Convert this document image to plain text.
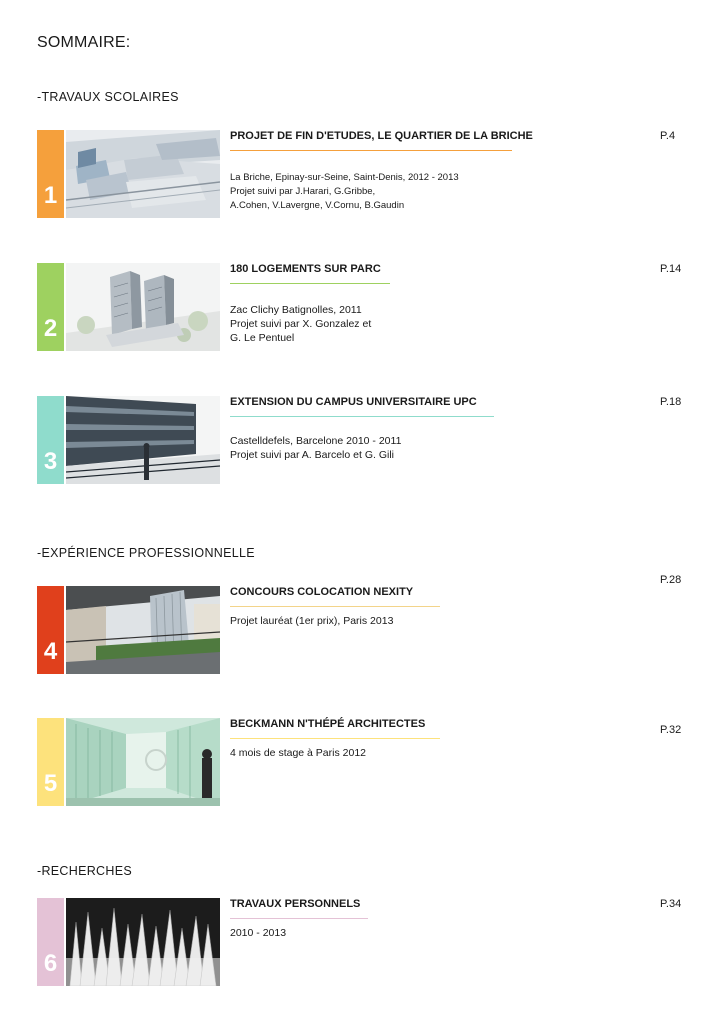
SOMMAIRE:
-TRAVAUX SCOLAIRES
1
PROJET DE FIN D'ETUDES, LE QUARTIER DE LA BRICHE
La Briche, Epinay-sur-Seine, Saint-Denis, 2012 - 2013
Projet suivi par J.Harari, G.Gribbe,
A.Cohen, V.Lavergne, V.Cornu, B.Gaudin
P.4
2
180 LOGEMENTS SUR PARC
Zac Clichy Batignolles, 2011
Projet suivi par X. Gonzalez et
G. Le Pentuel
P.14
3
EXTENSION DU CAMPUS UNIVERSITAIRE UPC
Castelldefels, Barcelone 2010 - 2011
Projet suivi par A. Barcelo et G. Gili
P.18
-EXPÉRIENCE PROFESSIONNELLE
4
CONCOURS COLOCATION NEXITY
Projet lauréat (1er prix), Paris 2013
P.28
5
BECKMANN N'THÉPÉ ARCHITECTES
4 mois de stage à Paris 2012
P.32
-RECHERCHES
6
TRAVAUX PERSONNELS
2010 - 2013
P.34
